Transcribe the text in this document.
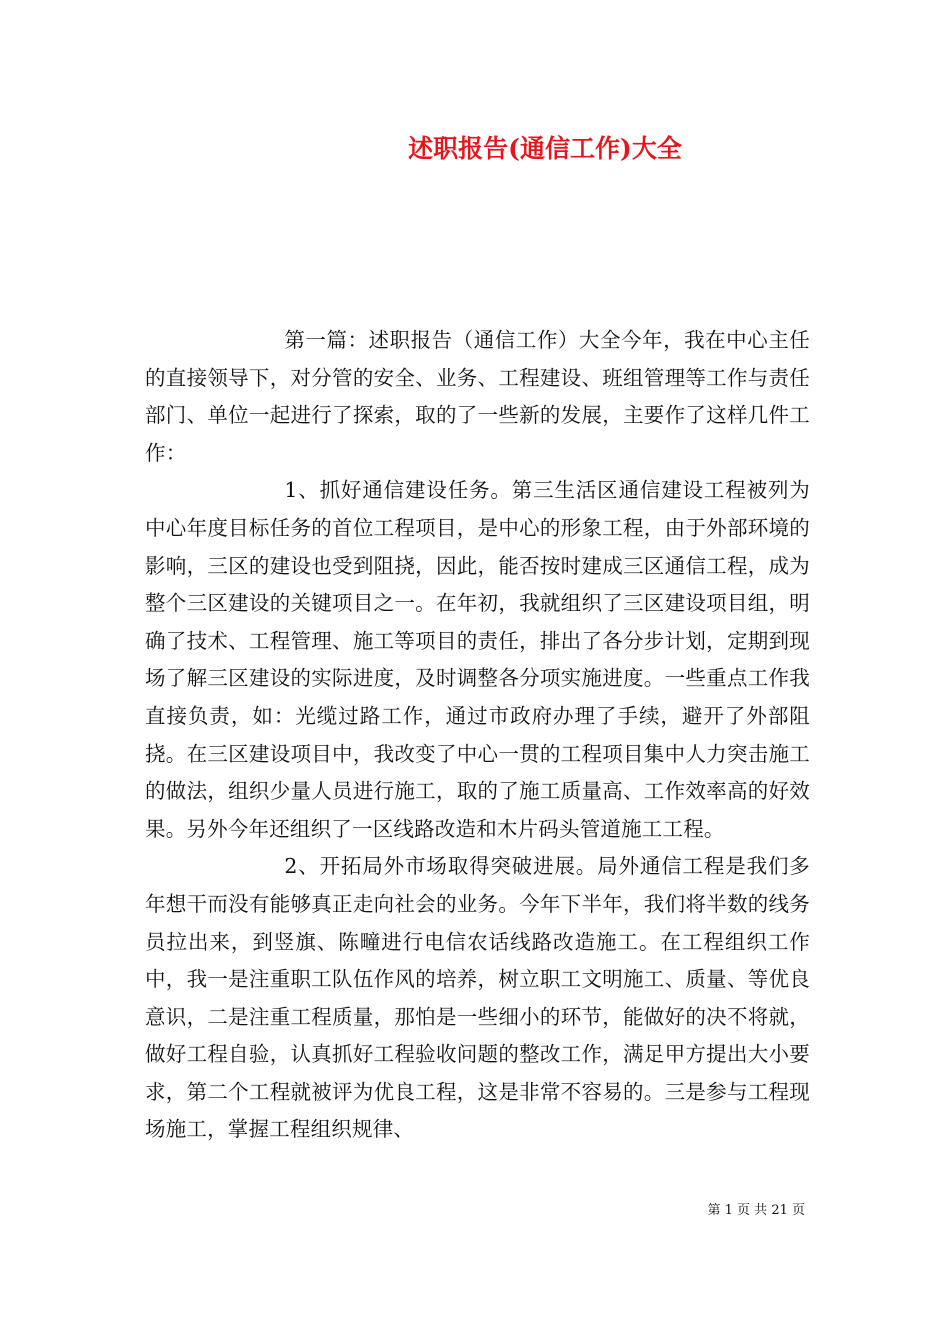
述职报告(通信工作)大全

第一篇：述职报告（通信工作）大全今年，我在中心主任的直接领导下，对分管的安全、业务、工程建设、班组管理等工作与责任部门、单位一起进行了探索，取的了一些新的发展，主要作了这样几件工作：

1、抓好通信建设任务。第三生活区通信建设工程被列为中心年度目标任务的首位工程项目，是中心的形象工程，由于外部环境的影响，三区的建设也受到阻挠，因此，能否按时建成三区通信工程，成为整个三区建设的关键项目之一。在年初，我就组织了三区建设项目组，明确了技术、工程管理、施工等项目的责任，排出了各分步计划，定期到现场了解三区建设的实际进度，及时调整各分项实施进度。一些重点工作我直接负责，如：光缆过路工作，通过市政府办理了手续，避开了外部阻挠。在三区建设项目中，我改变了中心一贯的工程项目集中人力突击施工的做法，组织少量人员进行施工，取的了施工质量高、工作效率高的好效果。另外今年还组织了一区线路改造和木片码头管道施工工程。

2、开拓局外市场取得突破进展。局外通信工程是我们多年想干而没有能够真正走向社会的业务。今年下半年，我们将半数的线务员拉出来，到竖旗、陈疃进行电信农话线路改造施工。在工程组织工作中，我一是注重职工队伍作风的培养，树立职工文明施工、质量、等优良意识，二是注重工程质量，那怕是一些细小的环节，能做好的决不将就，做好工程自验，认真抓好工程验收问题的整改工作，满足甲方提出大小要求，第二个工程就被评为优良工程，这是非常不容易的。三是参与工程现场施工，掌握工程组织规律、

第 1 页 共 21 页
